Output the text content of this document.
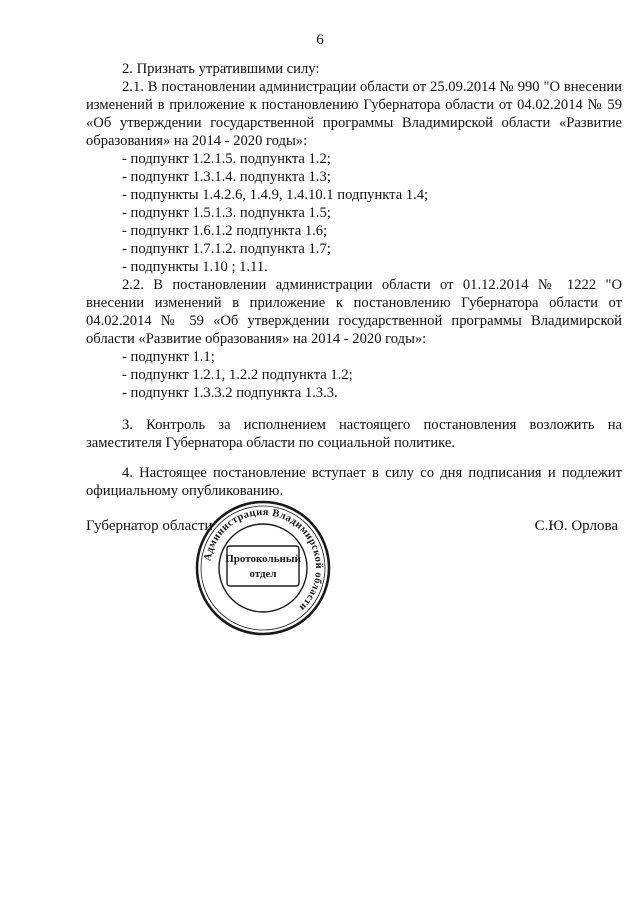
6

2. Признать утратившими силу:

2.1. В постановлении администрации области от 25.09.2014 № 990 "О внесении изменений в приложение к постановлению Губернатора области от 04.02.2014 № 59 «Об утверждении государственной программы Владимирской области «Развитие образования» на 2014 - 2020 годы»:

- подпункт 1.2.1.5. подпункта 1.2;

- подпункт 1.3.1.4. подпункта 1.3;

- подпункты 1.4.2.6, 1.4.9, 1.4.10.1 подпункта 1.4;

- подпункт 1.5.1.3. подпункта 1.5;

- подпункт 1.6.1.2 подпункта 1.6;

- подпункт 1.7.1.2. подпункта 1.7;

- подпункты 1.10 ; 1.11.

2.2. В постановлении администрации области от 01.12.2014 № 1222 "О внесении изменений в приложение к постановлению Губернатора области от 04.02.2014 № 59 «Об утверждении государственной программы Владимирской области «Развитие образования» на 2014 - 2020 годы»:

- подпункт 1.1;

- подпункт 1.2.1, 1.2.2 подпункта 1.2;

- подпункт 1.3.3.2 подпункта 1.3.3.

3. Контроль за исполнением настоящего постановления возложить на заместителя Губернатора области по социальной политике.

4. Настоящее постановление вступает в силу со дня подписания и подлежит официальному опубликованию.

Губернатор области	С.Ю. Орлова
Администрация Владимирской области
Протокольный
отдел
